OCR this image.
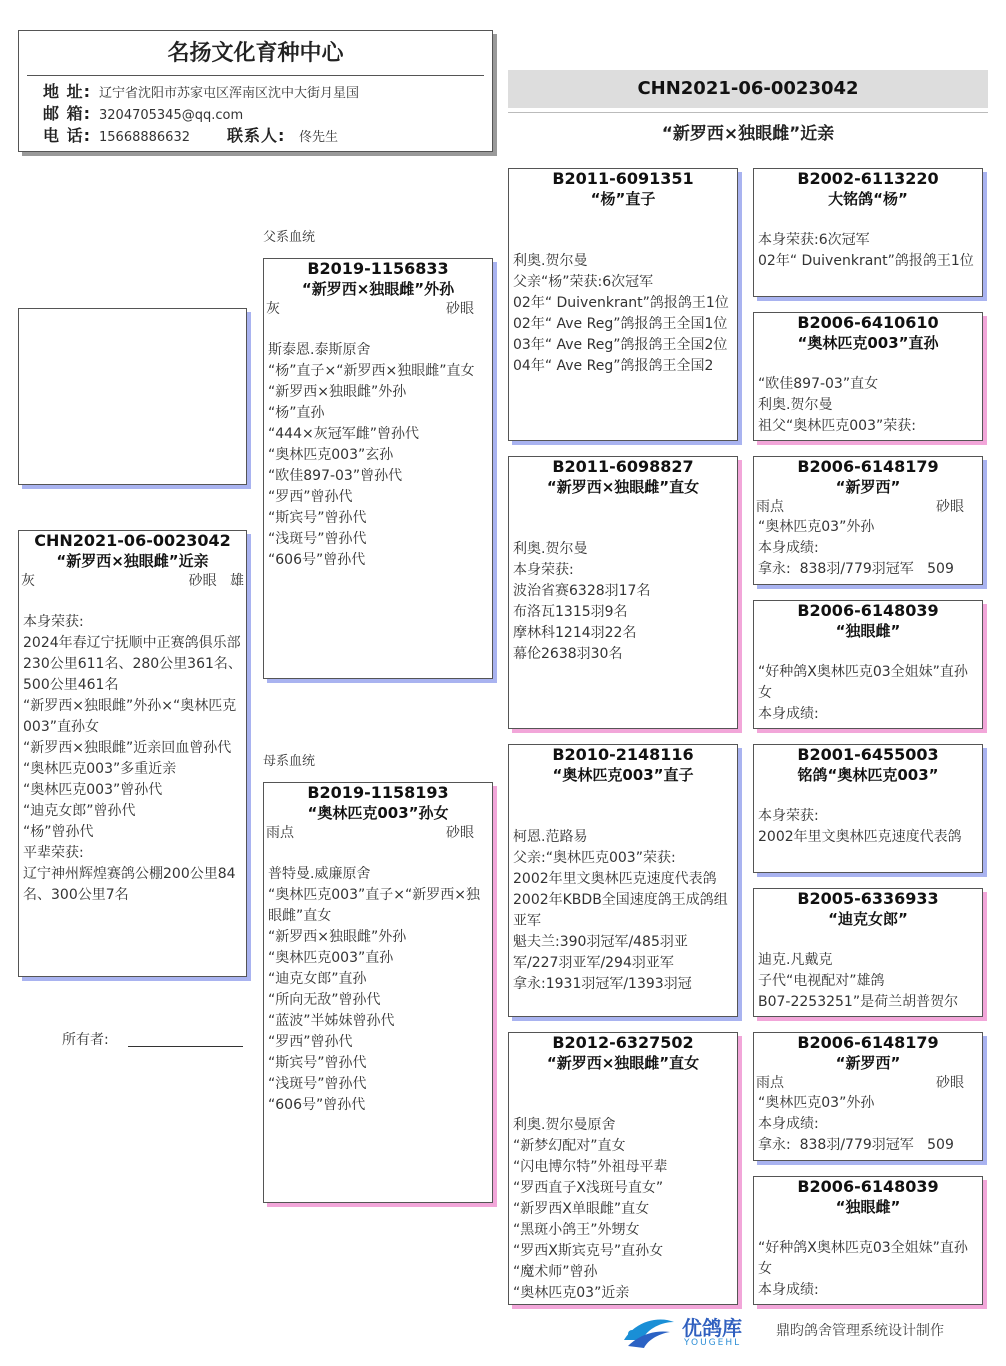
名扬文化育种中心
地 址: 辽宁省沈阳市苏家屯区浑南区沈中大街月星国
邮 箱: 3204705345@qq.com
电 话: 15668886632	联系人:	佟先生
CHN2021-06-0023042
“新罗西×独眼雌”近亲
CHN2021-06-0023042
“新罗西×独眼雌”近亲
灰	砂眼 雄
本身荣获:
2024年春辽宁抚顺中正赛鸽俱乐部230公里611名、280公里361名、500公里461名
“新罗西×独眼雌”外孙×“奥林匹克003”直孙女
“新罗西×独眼雌”近亲回血曾孙代
“奥林匹克003”多重近亲
“奥林匹克003”曾孙代
“迪克女郎”曾孙代
“杨”曾孙代
平辈荣获:
辽宁神州辉煌赛鸽公棚200公里84名、300公里7名
所有者:
父系血统
母系血统
B2019-1156833
“新罗西×独眼雌”外孙
灰	砂眼
斯泰恩.泰斯原舍
“杨”直子×“新罗西×独眼雌”直女
“新罗西×独眼雌”外孙
“杨”直孙
“444×灰冠军雌”曾孙代
“奥林匹克003”玄孙
“欧佳897-03”曾孙代
“罗西”曾孙代
“斯宾号”曾孙代
“浅斑号”曾孙代
“606号”曾孙代
B2019-1158193
“奥林匹克003”孙女
雨点	砂眼
普特曼.威廉原舍
“奥林匹克003”直子×“新罗西×独眼雌”直女
“新罗西×独眼雌”外孙
“奥林匹克003”直孙
“迪克女郎”直孙
“所向无敌”曾孙代
“蓝波”半姊妹曾孙代
“罗西”曾孙代
“斯宾号”曾孙代
“浅斑号”曾孙代
“606号”曾孙代
B2011-6091351
“杨”直子
利奥.贺尔曼
父亲“杨”荣获:6次冠军
02年“ Duivenkrant”鸽报鸽王1位
02年“ Ave Reg”鸽报鸽王全国1位
03年“ Ave Reg”鸽报鸽王全国2位
04年“ Ave Reg”鸽报鸽王全国2
B2011-6098827
“新罗西×独眼雌”直女
利奥.贺尔曼
本身荣获:
波治省赛6328羽17名
布洛瓦1315羽9名
摩林科1214羽22名
幕伦2638羽30名
B2010-2148116
“奥林匹克003”直子
柯恩.范路易
父亲:“奥林匹克003”荣获:
2002年里文奥林匹克速度代表鸽
2002年KBDB全国速度鸽王成鸽组亚军
魁夫兰:390羽冠军/485羽亚军/227羽亚军/294羽亚军
拿永:1931羽冠军/1393羽冠
B2012-6327502
“新罗西×独眼雌”直女
利奥.贺尔曼原舍
“新梦幻配对”直女
“闪电博尔特”外祖母平辈
“罗西直子X浅斑号直女”
“新罗西X单眼雌”直女
“黑斑小鸽王”外甥女
“罗西X斯宾克号”直孙女
“魔术师”曾孙
“奥林匹克03”近亲
B2002-6113220
大铭鸽“杨”
本身荣获:6次冠军
02年“ Duivenkrant”鸽报鸽王1位
B2006-6410610
“奥林匹克003”直孙
“欧佳897-03”直女
利奥.贺尔曼
祖父“奥林匹克003”荣获:
B2006-6148179
“新罗西”
雨点	砂眼
“奥林匹克03”外孙
本身成绩:
拿永:  838羽/779羽冠军   509
B2006-6148039
“独眼雌”
“好种鸽X奥林匹克03全姐妹”直孙女
本身成绩:
B2001-6455003
铭鸽“奥林匹克003”
本身荣获:
2002年里文奥林匹克速度代表鸽
B2005-6336933
“迪克女郎”
迪克.凡戴克
子代“电视配对”雄鸽
B07-2253251”是荷兰胡普贺尔
B2006-6148179
“新罗西”
雨点	砂眼
“奥林匹克03”外孙
本身成绩:
拿永:  838羽/779羽冠军   509
B2006-6148039
“独眼雌”
“好种鸽X奥林匹克03全姐妹”直孙女
本身成绩:
优鸽库
YOUGEHL
鼎昀鸽舍管理系统设计制作
